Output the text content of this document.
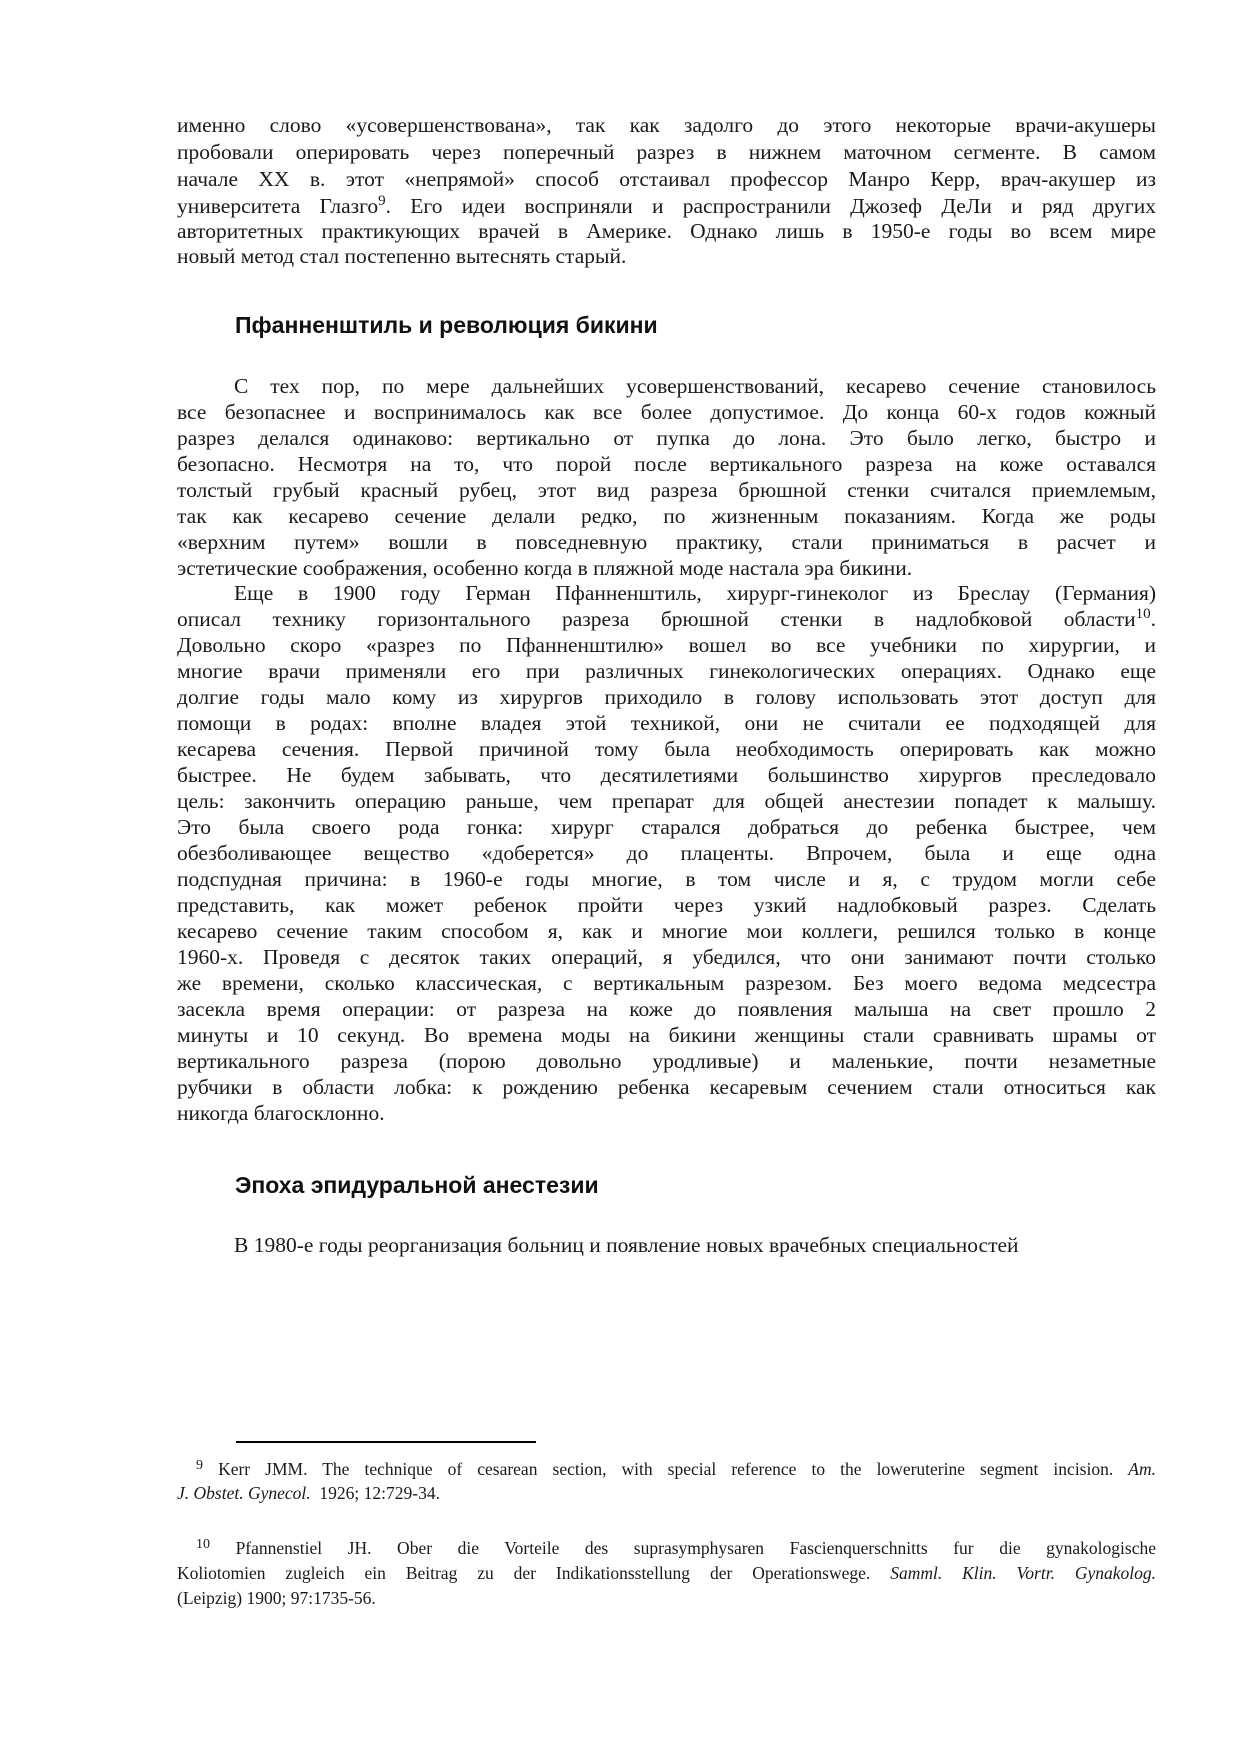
именно слово «усовершенствована», так как задолго до этого некоторые врачи-акушеры
пробовали оперировать через поперечный разрез в нижнем маточном сегменте. В самом
начале XX в. этот «непрямой» способ отстаивал профессор Манро Керр, врач-акушер из
университета Глазго$^9$. Его идеи восприняли и распространили Джозеф ДеЛи и ряд других
авторитетных практикующих врачей в Америке. Однако лишь в 1950-е годы во всем мире
новый метод стал постепенно вытеснять старый.
Пфанненштиль и революция бикини
С тех пор, по мере дальнейших усовершенствований, кесарево сечение становилось
все безопаснее и воспринималось как все более допустимое. До конца 60-х годов кожный
разрез делался одинаково: вертикально от пупка до лона. Это было легко, быстро и
безопасно. Несмотря на то, что порой после вертикального разреза на коже оставался
толстый грубый красный рубец, этот вид разреза брюшной стенки считался приемлемым,
так как кесарево сечение делали редко, по жизненным показаниям. Когда же роды
«верхним путем» вошли в повседневную практику, стали приниматься в расчет и
эстетические соображения, особенно когда в пляжной моде настала эра бикини.
Еще в 1900 году Герман Пфанненштиль, хирург-гинеколог из Бреслау (Германия)
описал технику горизонтального разреза брюшной стенки в надлобковой области$^{10}$.
Довольно скоро «разрез по Пфанненштилю» вошел во все учебники по хирургии, и
многие врачи применяли его при различных гинекологических операциях. Однако еще
долгие годы мало кому из хирургов приходило в голову использовать этот доступ для
помощи в родах: вполне владея этой техникой, они не считали ее подходящей для
кесарева сечения. Первой причиной тому была необходимость оперировать как можно
быстрее. Не будем забывать, что десятилетиями большинство хирургов преследовало
цель: закончить операцию раньше, чем препарат для общей анестезии попадет к малышу.
Это была своего рода гонка: хирург старался добраться до ребенка быстрее, чем
обезболивающее вещество «доберется» до плаценты. Впрочем, была и еще одна
подспудная причина: в 1960-е годы многие, в том числе и я, с трудом могли себе
представить, как может ребенок пройти через узкий надлобковый разрез. Сделать
кесарево сечение таким способом я, как и многие мои коллеги, решился только в конце
1960-х. Проведя с десяток таких операций, я убедился, что они занимают почти столько
же времени, сколько классическая, с вертикальным разрезом. Без моего ведома медсестра
засекла время операции: от разреза на коже до появления малыша на свет прошло 2
минуты и 10 секунд. Во времена моды на бикини женщины стали сравнивать шрамы от
вертикального разреза (порою довольно уродливые) и маленькие, почти незаметные
рубчики в области лобка: к рождению ребенка кесаревым сечением стали относиться как
никогда благосклонно.
Эпоха эпидуральной анестезии
В 1980-е годы реорганизация больниц и появление новых врачебных специальностей
$^9$ Kerr JMM. The technique of cesarean section, with special reference to the loweruterine segment incision. Am.
J. Obstet. Gynecol. 1926; 12:729-34.
$^{10}$ Pfannenstiel JH. Ober die Vorteile des suprasymphysaren Fascienquerschnitts fur die gynakologische
Koliotomien zugleich ein Beitrag zu der Indikationsstellung der Operationswege. Samml. Klin. Vortr. Gynakolog.
(Leipzig) 1900; 97:1735-56.
